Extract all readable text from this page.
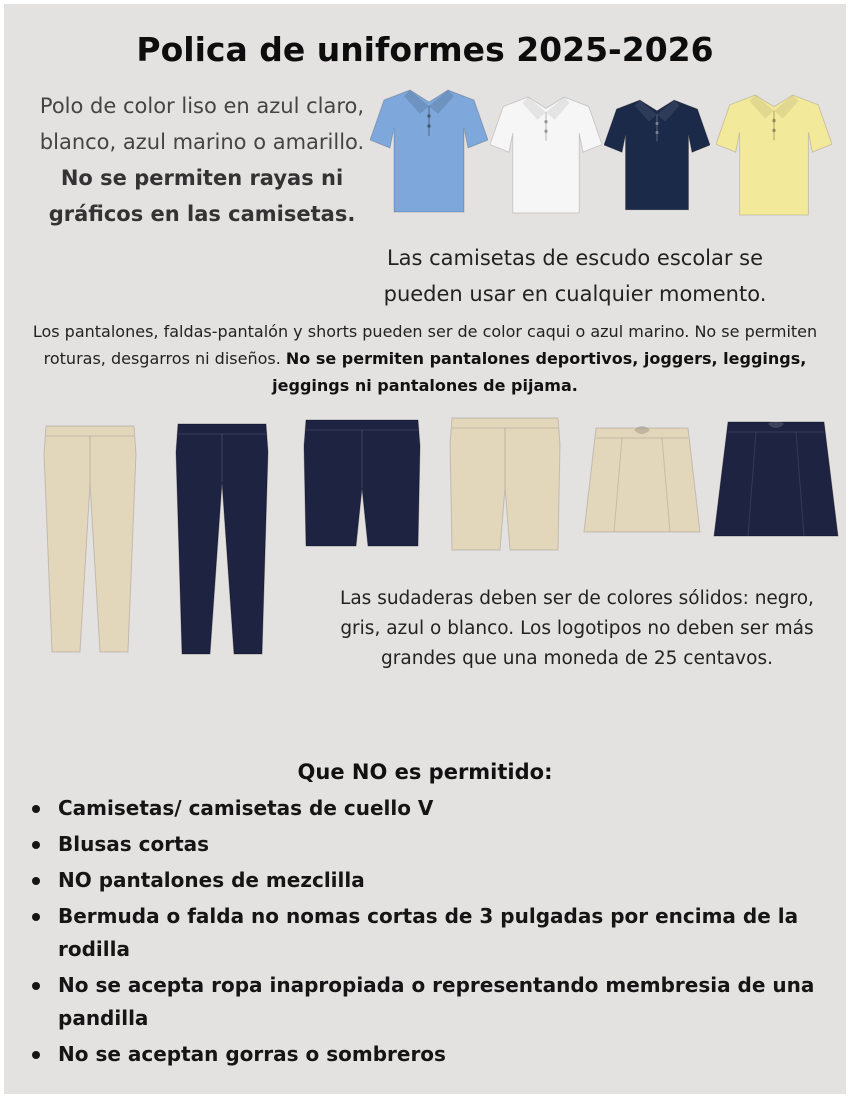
Polica de uniformes 2025-2026
Polo de color liso en azul claro, blanco, azul marino o amarillo. No se permiten rayas ni gráficos en las camisetas.
Las camisetas de escudo escolar se pueden usar en cualquier momento.
Los pantalones, faldas-pantalón y shorts pueden ser de color caqui o azul marino. No se permiten roturas, desgarros ni diseños. No se permiten pantalones deportivos, joggers, leggings, jeggings ni pantalones de pijama.
Las sudaderas deben ser de colores sólidos: negro, gris, azul o blanco. Los logotipos no deben ser más grandes que una moneda de 25 centavos.
Que NO es permitido:
Camisetas/ camisetas de cuello V
Blusas cortas
NO pantalones de mezclilla
Bermuda o falda no nomas cortas de 3 pulgadas por encima de la rodilla
No se acepta ropa inapropiada o representando membresia de una pandilla
No se aceptan gorras o sombreros
